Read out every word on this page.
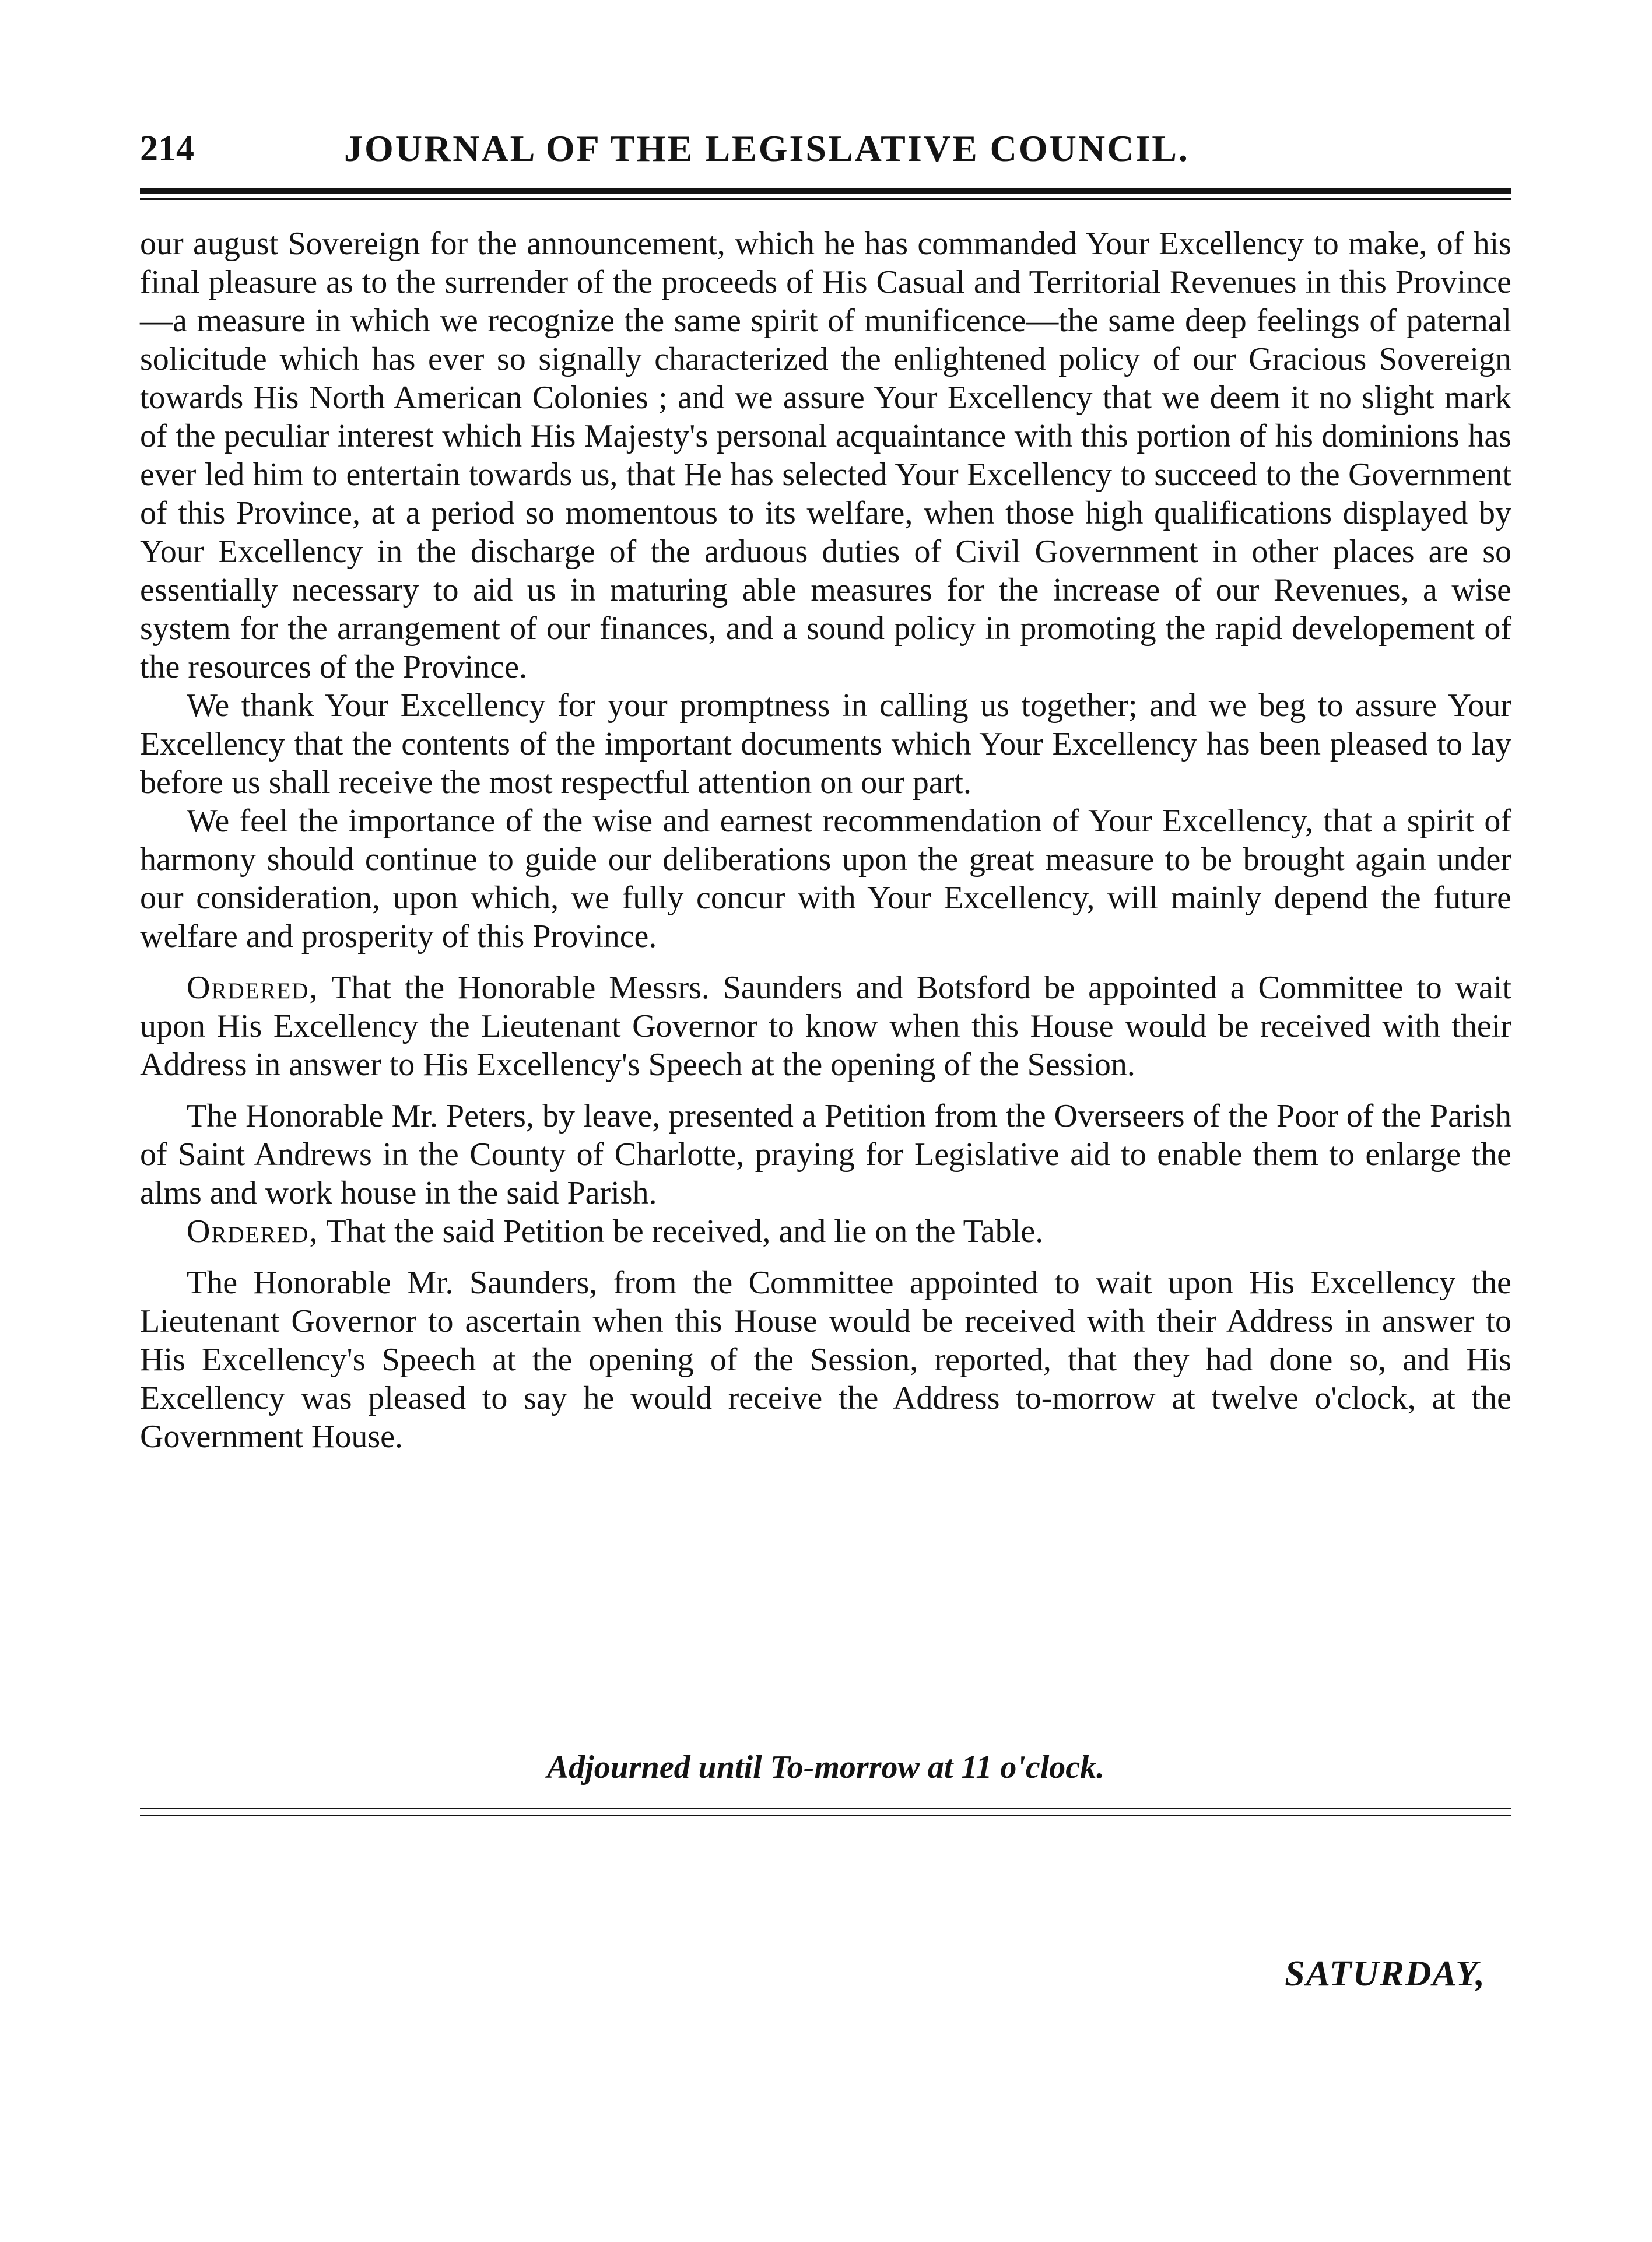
214	JOURNAL OF THE LEGISLATIVE COUNCIL.

our august Sovereign for the announcement, which he has commanded Your Excellency to make, of his final pleasure as to the surrender of the proceeds of His Casual and Territorial Revenues in this Province—a measure in which we recognize the same spirit of munificence—the same deep feelings of paternal solicitude which has ever so signally characterized the enlightened policy of our Gracious Sovereign towards His North American Colonies ; and we assure Your Excellency that we deem it no slight mark of the peculiar interest which His Majesty's personal acquaintance with this portion of his dominions has ever led him to entertain towards us, that He has selected Your Excellency to succeed to the Government of this Province, at a period so momentous to its welfare, when those high qualifications displayed by Your Excellency in the discharge of the arduous duties of Civil Government in other places are so essentially necessary to aid us in maturing able measures for the increase of our Revenues, a wise system for the arrangement of our finances, and a sound policy in promoting the rapid developement of the resources of the Province.

We thank Your Excellency for your promptness in calling us together; and we beg to assure Your Excellency that the contents of the important documents which Your Excellency has been pleased to lay before us shall receive the most respectful attention on our part.

We feel the importance of the wise and earnest recommendation of Your Excellency, that a spirit of harmony should continue to guide our deliberations upon the great measure to be brought again under our consideration, upon which, we fully concur with Your Excellency, will mainly depend the future welfare and prosperity of this Province.

Ordered, That the Honorable Messrs. Saunders and Botsford be appointed a Committee to wait upon His Excellency the Lieutenant Governor to know when this House would be received with their Address in answer to His Excellency's Speech at the opening of the Session.

The Honorable Mr. Peters, by leave, presented a Petition from the Overseers of the Poor of the Parish of Saint Andrews in the County of Charlotte, praying for Legislative aid to enable them to enlarge the alms and work house in the said Parish.

Ordered, That the said Petition be received, and lie on the Table.

The Honorable Mr. Saunders, from the Committee appointed to wait upon His Excellency the Lieutenant Governor to ascertain when this House would be received with their Address in answer to His Excellency's Speech at the opening of the Session, reported, that they had done so, and His Excellency was pleased to say he would receive the Address to-morrow at twelve o'clock, at the Government House.

Adjourned until To-morrow at 11 o'clock.
SATURDAY,
